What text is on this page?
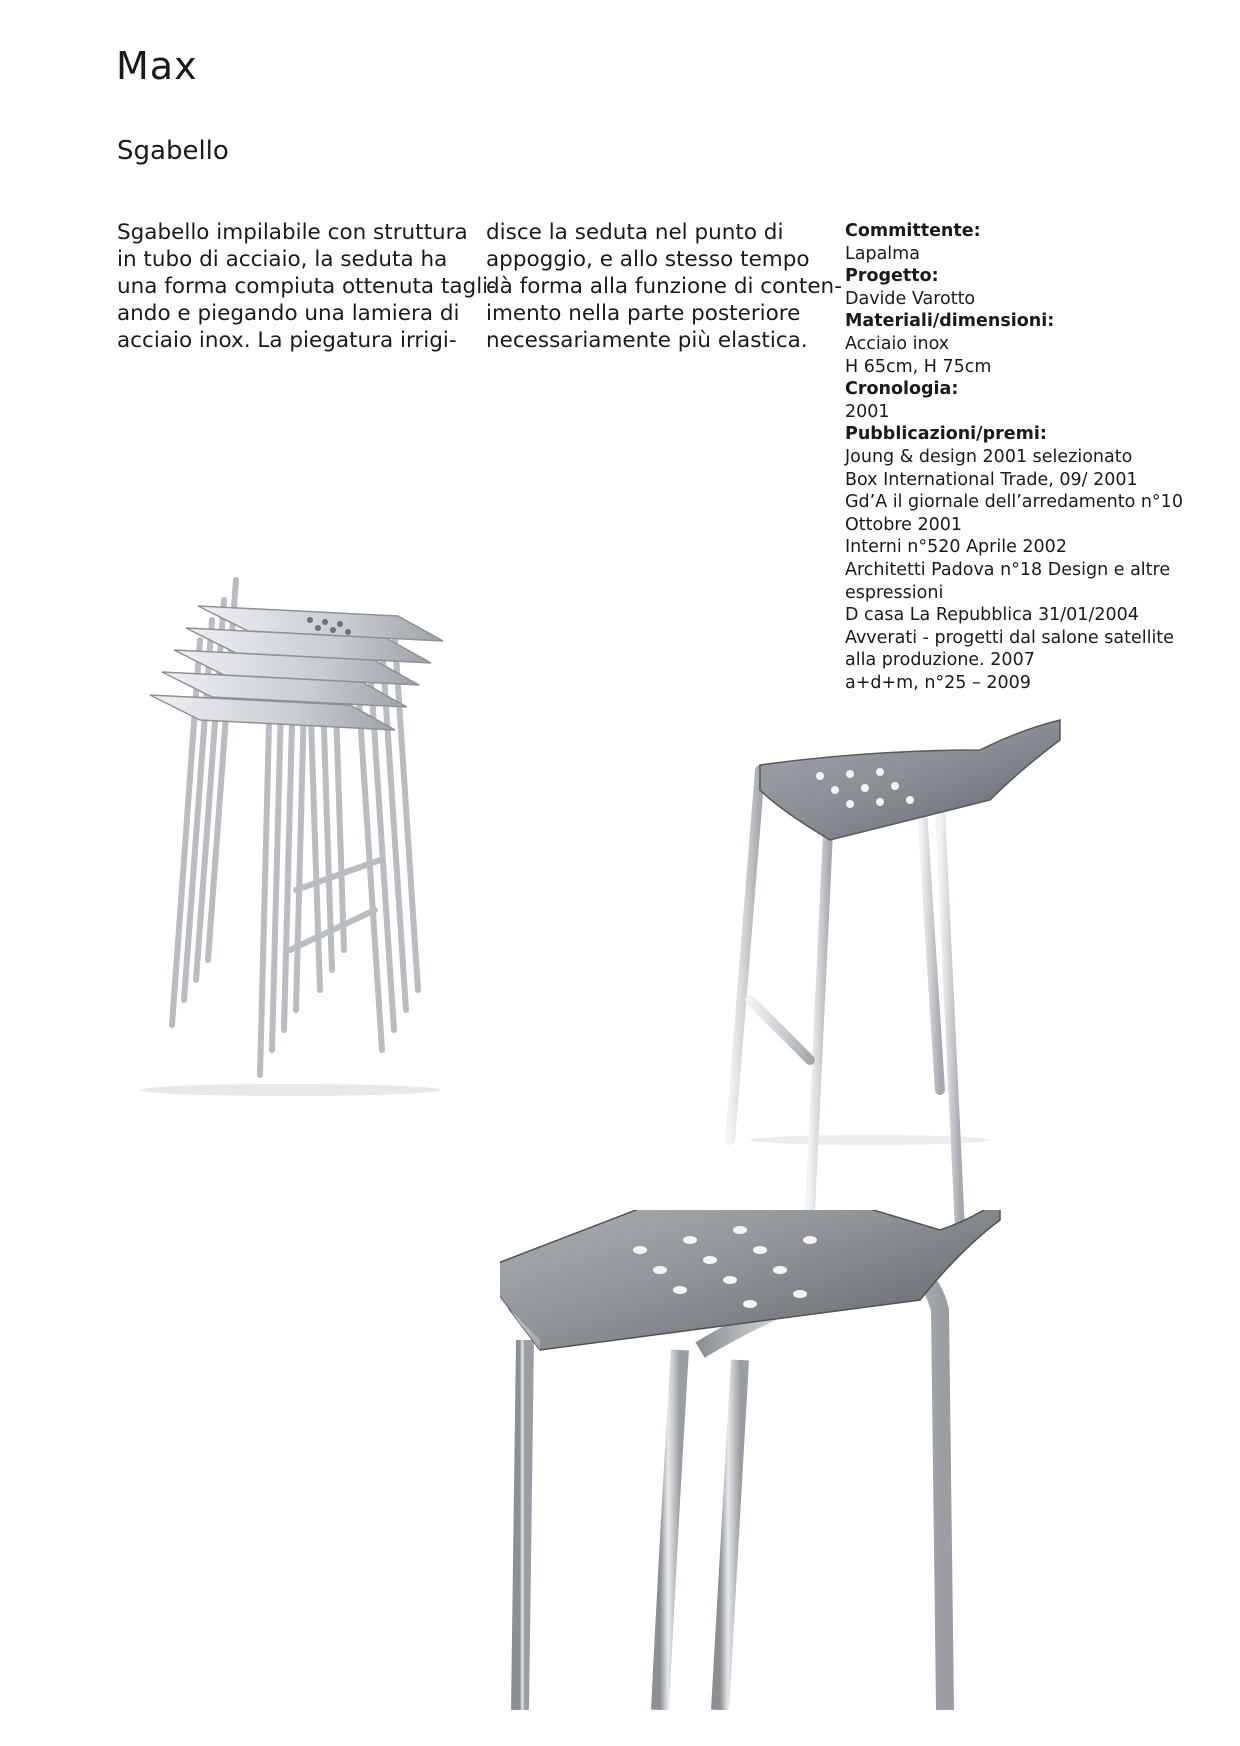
Max
Sgabello
Sgabello impilabile con struttura
in tubo di acciaio, la seduta ha
una forma compiuta ottenuta tagli-
ando e piegando una lamiera di
acciaio inox. La piegatura irrigi-
disce la seduta nel punto di
appoggio, e allo stesso tempo
dà forma alla funzione di conten-
imento nella parte posteriore
necessariamente più elastica.
Committente:
Lapalma
Progetto:
Davide Varotto
Materiali/dimensioni:
Acciaio inox
H 65cm, H 75cm
Cronologia:
2001
Pubblicazioni/premi:
Joung & design 2001 selezionato
Box International Trade, 09/ 2001
Gd’A il giornale dell’arredamento n°10
Ottobre 2001
Interni n°520 Aprile 2002
Architetti Padova n°18 Design e altre
espressioni
D casa La Repubblica 31/01/2004
Avverati - progetti dal salone satellite
alla produzione. 2007
a+d+m, n°25 – 2009
